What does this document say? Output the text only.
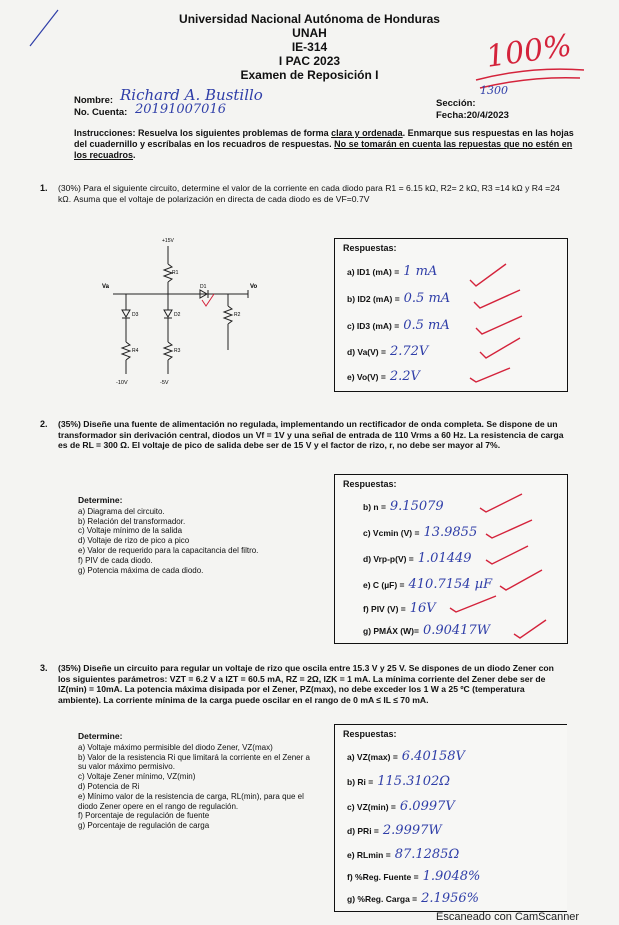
Universidad Nacional Autónoma de Honduras
UNAH
IE-314
I PAC 2023
Examen de Reposición I
100%
Nombre: Richard A. Bustillo
No. Cuenta: 20191007016	Sección:
1300
Fecha:20/4/2023
Instrucciones: Resuelva los siguientes problemas de forma clara y ordenada. Enmarque sus respuestas en las hojas del cuadernillo y escríbalas en los recuadros de respuestas. No se tomarán en cuenta las repuestas que no estén en los recuadros.
1. (30%) Para el siguiente circuito, determine el valor de la corriente en cada diodo para R1 = 6.15 kΩ, R2= 2 kΩ, R3 =14 kΩ y R4 =24 kΩ. Asuma que el voltaje de polarización en directa de cada diodo es de VF=0.7V
+15V
R1
D1	Vo
Va
D3	D2	R2
R4	R3
-10V	-5V
Respuestas:
a) ID1 (mA) = 1 mA
b) ID2 (mA) = 0.5 mA
c) ID3 (mA) = 0.5 mA
d) Va(V) = 2.72V
e) Vo(V) = 2.2V
2. (35%) Diseñe una fuente de alimentación no regulada, implementando un rectificador de onda completa. Se dispone de un transformador sin derivación central, diodos un Vf = 1V y una señal de entrada de 110 Vrms a 60 Hz. La resistencia de carga es de RL = 300 Ω. El voltaje de pico de salida debe ser de 15 V y el factor de rizo, r, no debe ser mayor al 7%.
Determine:
a) Diagrama del circuito.
b) Relación del transformador.
c) Voltaje mínimo de la salida
d) Voltaje de rizo de pico a pico
e) Valor de requerido para la capacitancia del filtro.
f) PIV de cada diodo.
g) Potencia máxima de cada diodo.
Respuestas:
b) n = 9.15079
c) Vcmin (V) = 13.9855
d) Vrp-p(V) = 1.01449
e) C (µF) = 410.7154 µF
f) PIV (V) = 16V
g) PMÁX (W)= 0.90417W
3. (35%) Diseñe un circuito para regular un voltaje de rizo que oscila entre 15.3 V y 25 V. Se dispones de un diodo Zener con los siguientes parámetros: VZT = 6.2 V a IZT = 60.5 mA, RZ = 2Ω, IZK = 1 mA. La mínima corriente del Zener debe ser de IZ(min) = 10mA. La potencia máxima disipada por el Zener, PZ(max), no debe exceder los 1 W a 25 ºC (temperatura ambiente). La corriente mínima de la carga puede oscilar en el rango de 0 mA ≤ IL ≤ 70 mA.
Determine:
a) Voltaje máximo permisible del diodo Zener, VZ(max)
b) Valor de la resistencia Ri que limitará la corriente en el Zener a su valor máximo permisivo.
c) Voltaje Zener mínimo, VZ(min)
d) Potencia de Ri
e) Mínimo valor de la resistencia de carga, RL(min), para que el diodo Zener opere en el rango de regulación.
f) Porcentaje de regulación de fuente
g) Porcentaje de regulación de carga
Respuestas:
a) VZ(max) = 6.40158V
b) Ri = 115.3102Ω
c) VZ(min) = 6.0997V
d) PRi = 2.9997W
e) RLmin = 87.1285Ω
f) %Reg. Fuente = 1.9048%
g) %Reg. Carga = 2.1956%
Escaneado con CamScanner
